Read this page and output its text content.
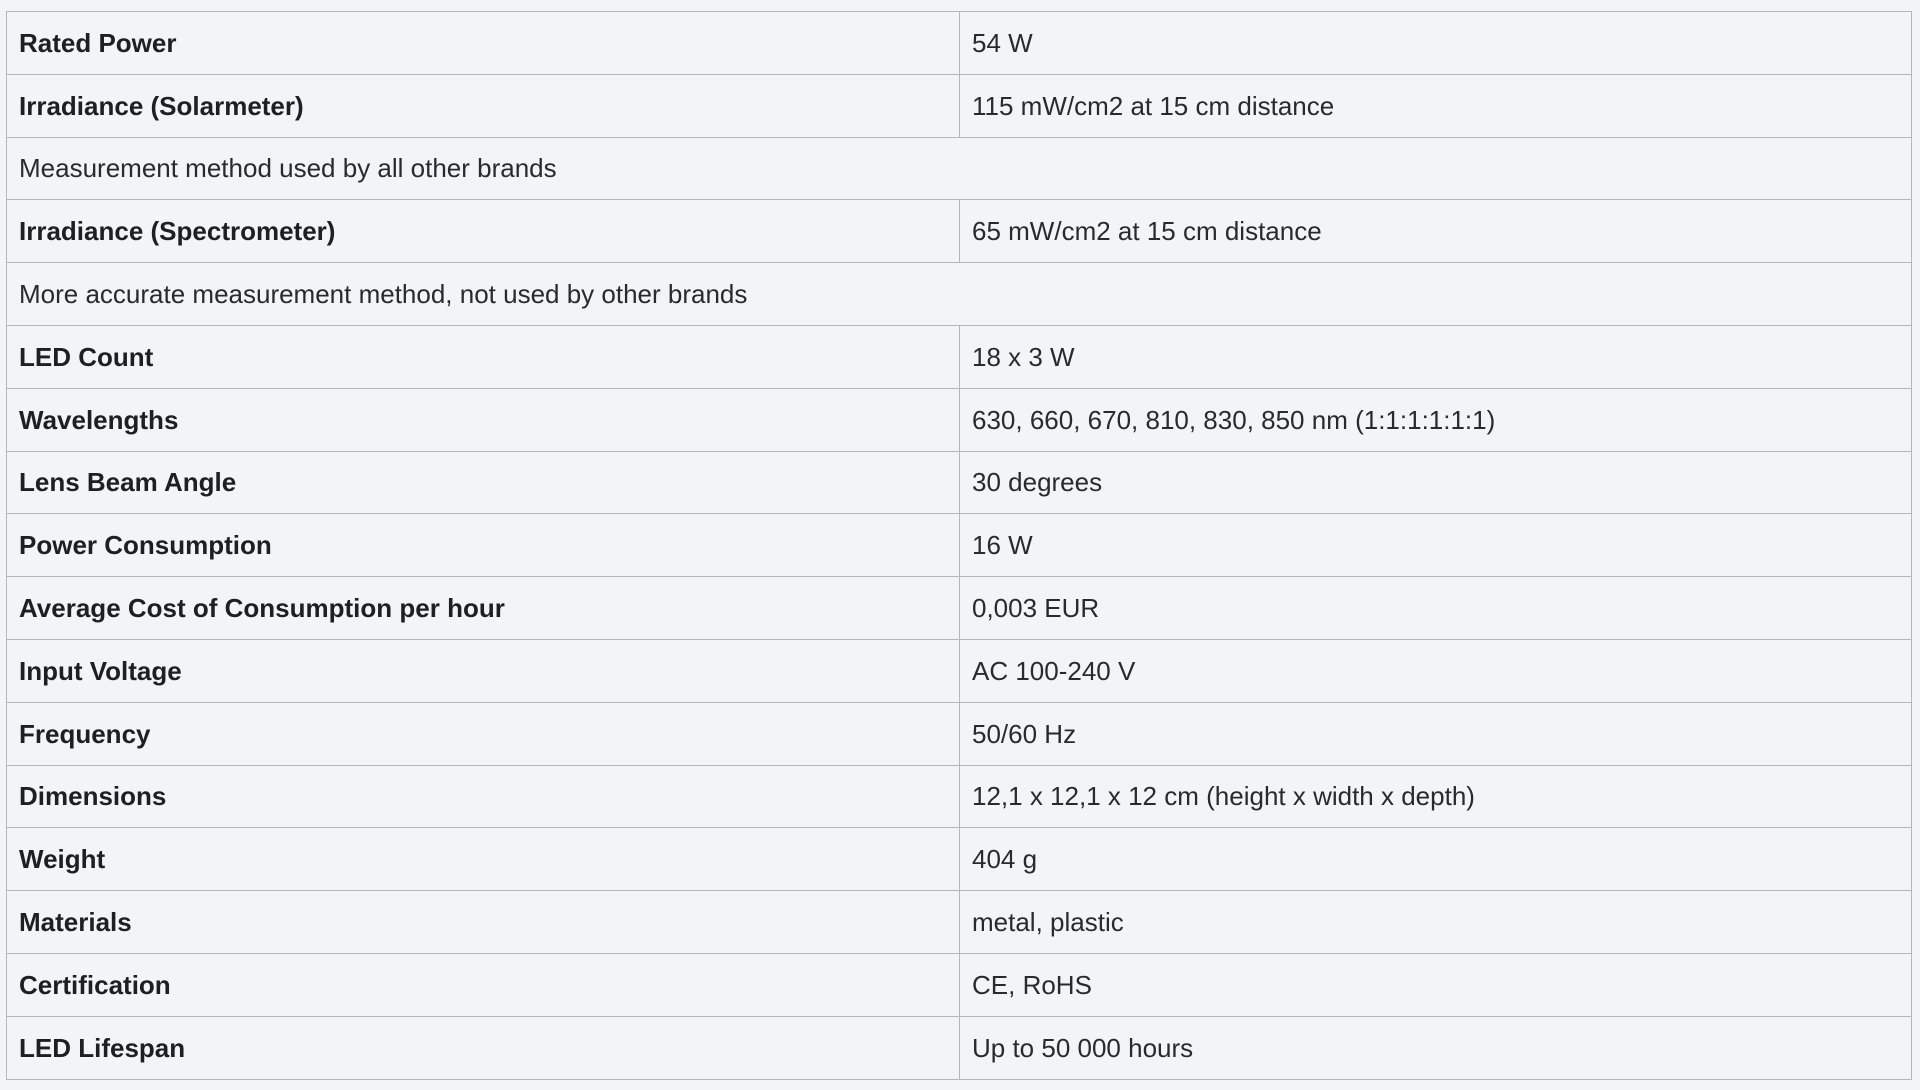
Rated Power	54 W
Irradiance (Solarmeter)	115 mW/cm2 at 15 cm distance
Measurement method used by all other brands	
Irradiance (Spectrometer)	65 mW/cm2 at 15 cm distance
More accurate measurement method, not used by other brands	
LED Count	18 x 3 W
Wavelengths	630, 660, 670, 810, 830, 850 nm (1:1:1:1:1:1)
Lens Beam Angle	30 degrees
Power Consumption	16 W
Average Cost of Consumption per hour	0,003 EUR
Input Voltage	AC 100-240 V
Frequency	50/60 Hz
Dimensions	12,1 x 12,1 x 12 cm (height x width x depth)
Weight	404 g
Materials	metal, plastic
Certification	CE, RoHS
LED Lifespan	Up to 50 000 hours
